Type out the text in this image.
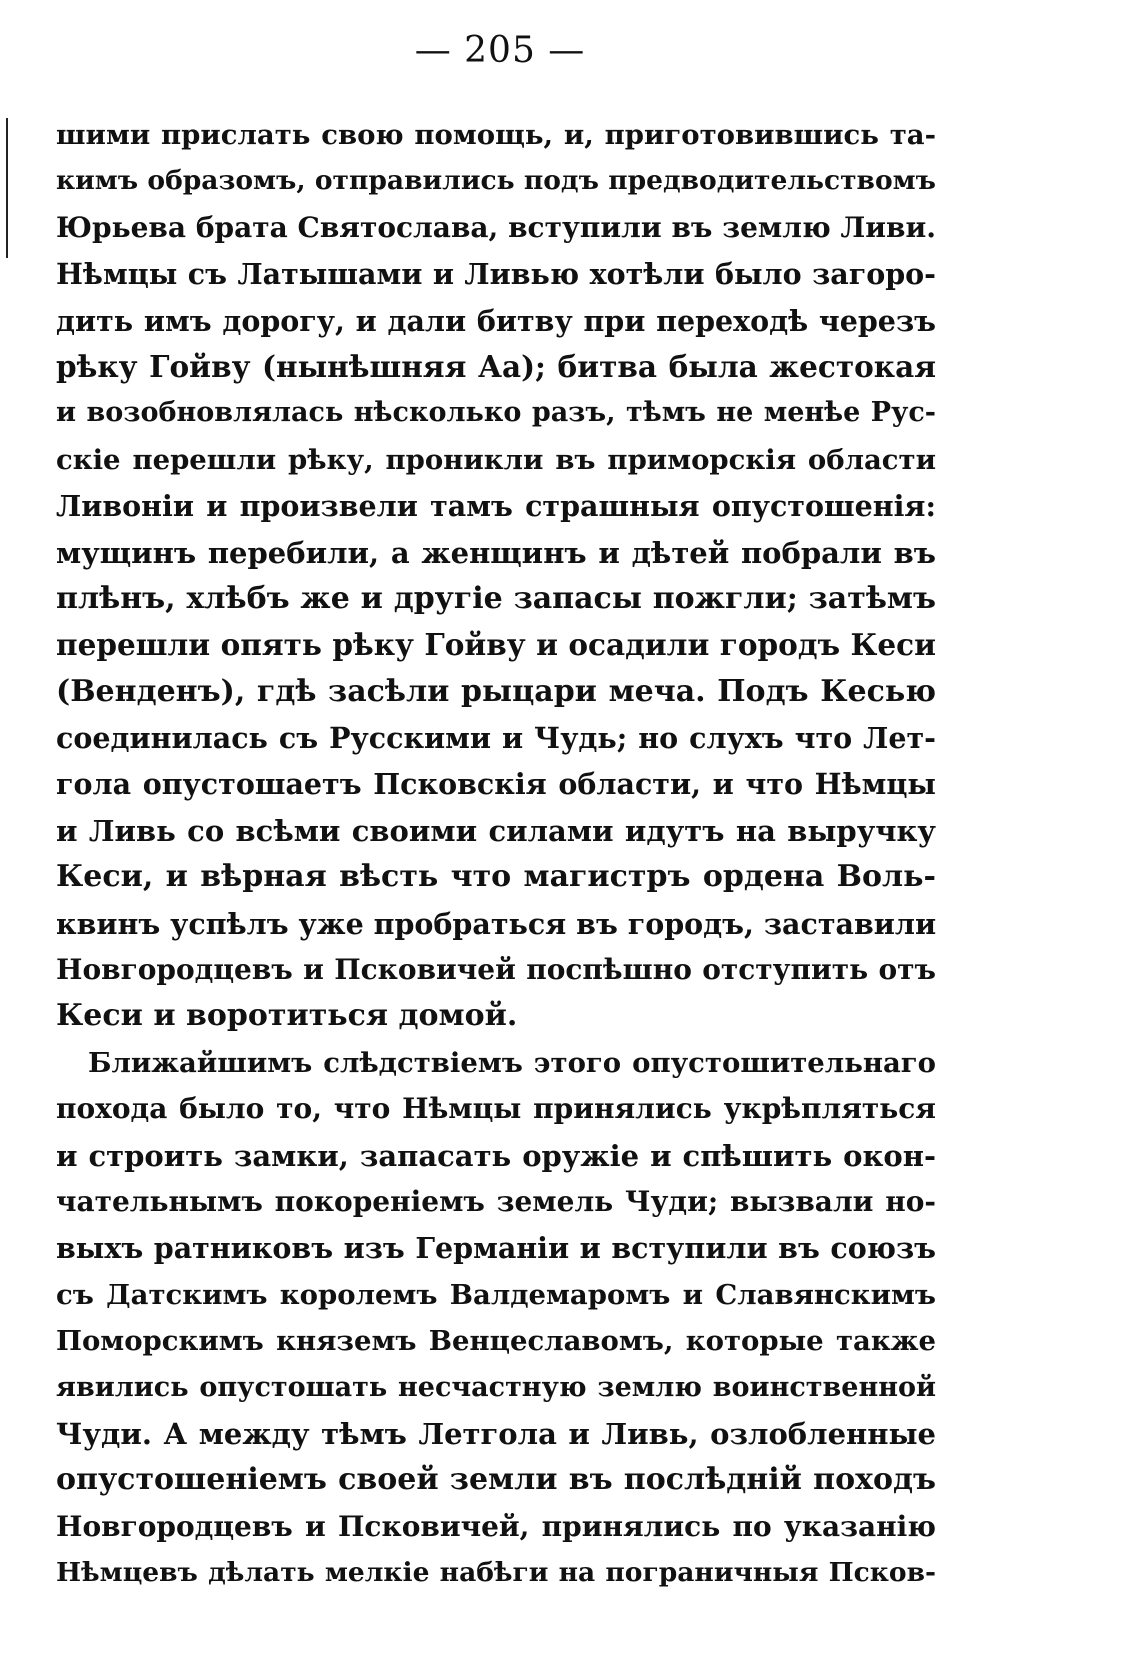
— 205 —
шими прислать свою помощь, и, приготовившись та-
кимъ образомъ, отправились подъ предводительствомъ
Юрьева брата Святослава, вступили въ землю Ливи.
Нѣмцы съ Латышами и Ливью хотѣли было загоро-
дить имъ дорогу, и дали битву при переходѣ черезъ
рѣку Гойву (нынѣшняя Аа); битва была жестокая
и возобновлялась нѣсколько разъ, тѣмъ не менѣе Рус-
скіе перешли рѣку, проникли въ приморскія области
Ливоніи и произвели тамъ страшныя опустошенія:
мущинъ перебили, а женщинъ и дѣтей побрали въ
плѣнъ, хлѣбъ же и другіе запасы пожгли; затѣмъ
перешли опять рѣку Гойву и осадили городъ Кеси
(Венденъ), гдѣ засѣли рыцари меча. Подъ Кесью
соединилась съ Русскими и Чудь; но слухъ что Лет-
гола опустошаетъ Псковскія области, и что Нѣмцы
и Ливь со всѣми своими силами идутъ на выручку
Кеси, и вѣрная вѣсть что магистръ ордена Воль-
квинъ успѣлъ уже пробраться въ городъ, заставили
Новгородцевъ и Псковичей поспѣшно отступить отъ
Кеси и воротиться домой.
Ближайшимъ слѣдствіемъ этого опустошительнаго
похода было то, что Нѣмцы принялись укрѣпляться
и строить замки, запасать оружіе и спѣшить окон-
чательнымъ покореніемъ земель Чуди; вызвали но-
выхъ ратниковъ изъ Германіи и вступили въ союзъ
съ Датскимъ королемъ Валдемаромъ и Славянскимъ
Поморскимъ княземъ Венцеславомъ, которые также
явились опустошать несчастную землю воинственной
Чуди. А между тѣмъ Летгола и Ливь, озлобленные
опустошеніемъ своей земли въ послѣдній походъ
Новгородцевъ и Псковичей, принялись по указанію
Нѣмцевъ дѣлать мелкіе набѣги на пограничныя Псков-
